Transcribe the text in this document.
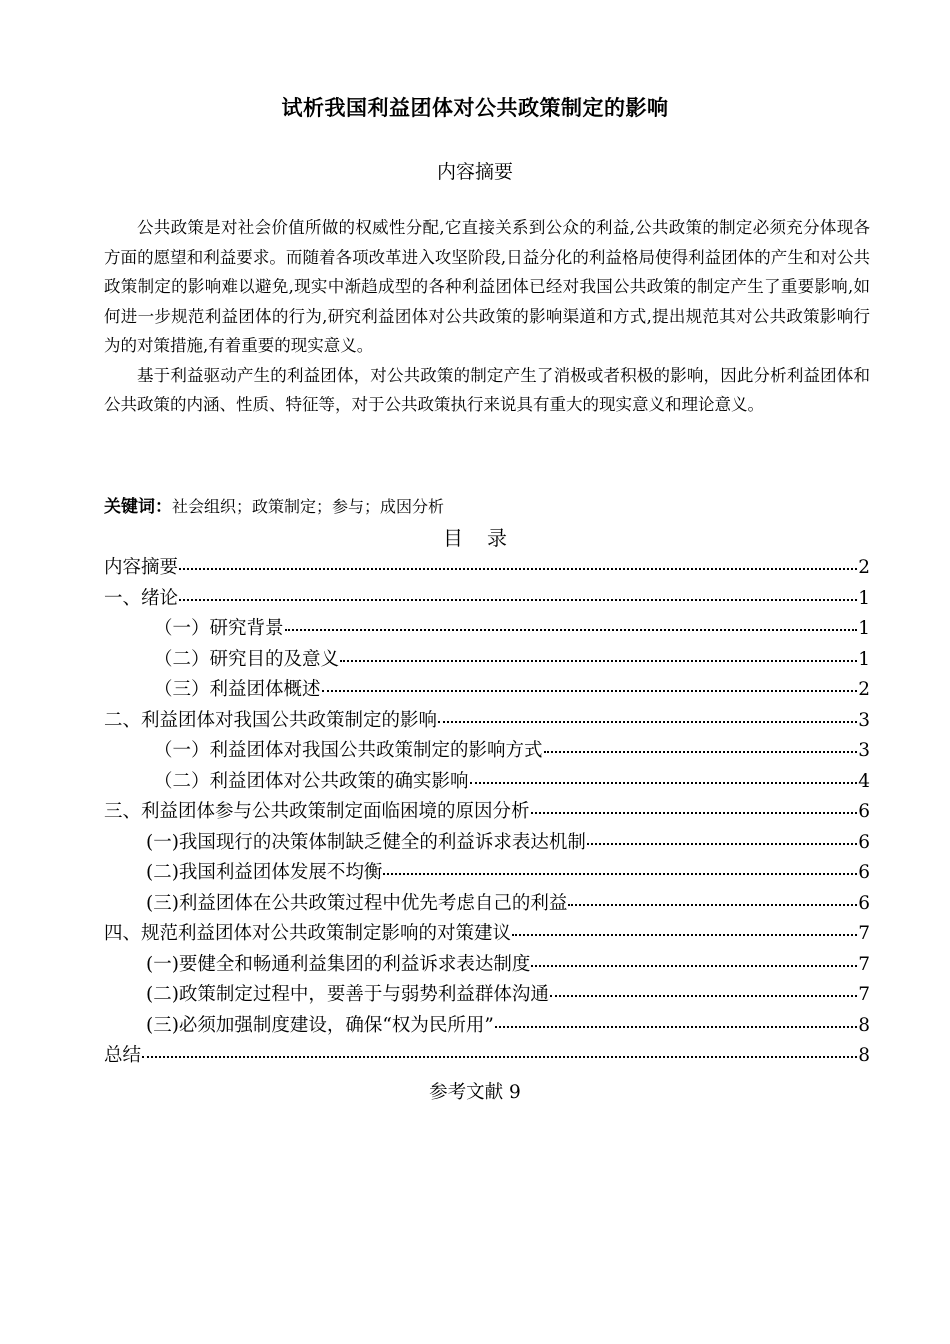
试析我国利益团体对公共政策制定的影响
内容摘要

公共政策是对社会价值所做的权威性分配,它直接关系到公众的利益,公共政策的制定必须充分体现各方面的愿望和利益要求。而随着各项改革进入攻坚阶段,日益分化的利益格局使得利益团体的产生和对公共政策制定的影响难以避免,现实中渐趋成型的各种利益团体已经对我国公共政策的制定产生了重要影响,如何进一步规范利益团体的行为,研究利益团体对公共政策的影响渠道和方式,提出规范其对公共政策影响行为的对策措施,有着重要的现实意义。

基于利益驱动产生的利益团体，对公共政策的制定产生了消极或者积极的影响，因此分析利益团体和公共政策的内涵、性质、特征等，对于公共政策执行来说具有重大的现实意义和理论意义。

关键词：社会组织；政策制定；参与；成因分析
目 录
内容摘要	2
一、绪论	1
（一）研究背景	1
（二）研究目的及意义	1
（三）利益团体概述	2
二、利益团体对我国公共政策制定的影响	3
（一）利益团体对我国公共政策制定的影响方式	3
（二）利益团体对公共政策的确实影响	4
三、利益团体参与公共政策制定面临困境的原因分析	6
(一)我国现行的决策体制缺乏健全的利益诉求表达机制	6
(二)我国利益团体发展不均衡	6
(三)利益团体在公共政策过程中优先考虑自己的利益	6
四、规范利益团体对公共政策制定影响的对策建议	7
(一)要健全和畅通利益集团的利益诉求表达制度	7
(二)政策制定过程中，要善于与弱势利益群体沟通	7
(三)必须加强制度建设，确保“权为民所用”	8
总结	8
参考文献 9
